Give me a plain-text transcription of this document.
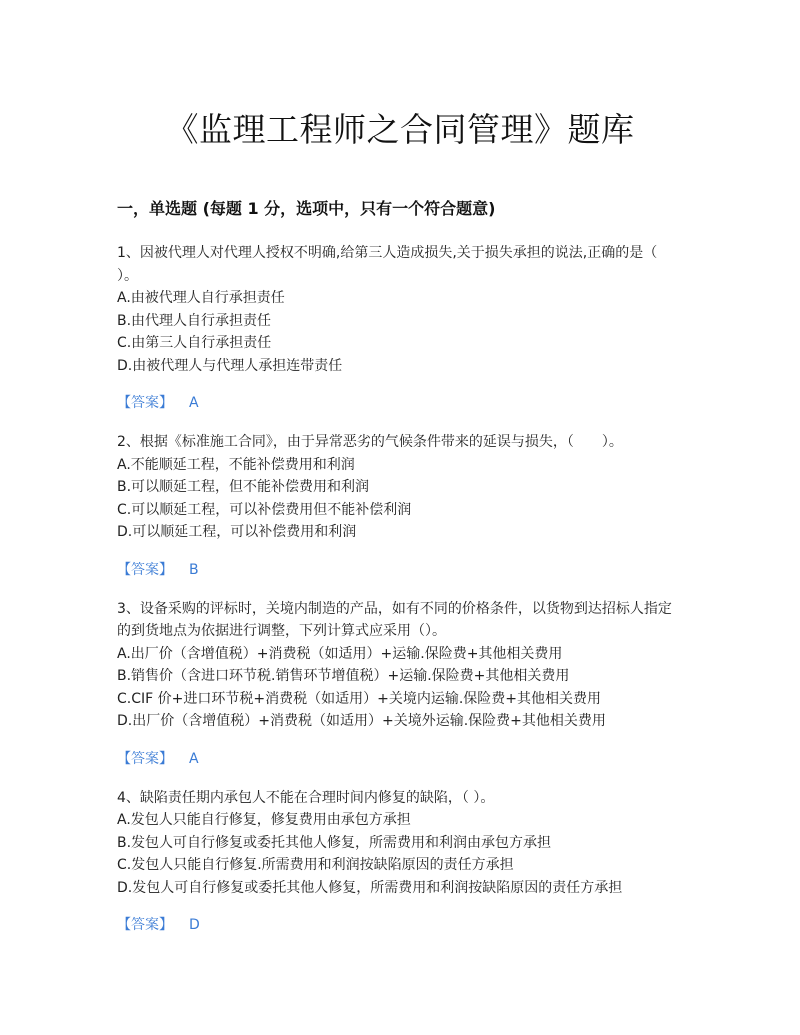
《监理工程师之合同管理》题库
一，单选题 (每题 1 分，选项中，只有一个符合题意)

1、因被代理人对代理人授权不明确,给第三人造成损失,关于损失承担的说法,正确的是（ ）。

A.由被代理人自行承担责任

B.由代理人自行承担责任

C.由第三人自行承担责任

D.由被代理人与代理人承担连带责任

【答案】 A

2、根据《标准施工合同》，由于异常恶劣的气候条件带来的延误与损失，（　　）。

A.不能顺延工程，不能补偿费用和利润

B.可以顺延工程，但不能补偿费用和利润

C.可以顺延工程，可以补偿费用但不能补偿利润

D.可以顺延工程，可以补偿费用和利润

【答案】 B

3、设备采购的评标时，关境内制造的产品，如有不同的价格条件，以货物到达招标人指定的到货地点为依据进行调整，下列计算式应采用（）。

A.出厂价（含增值税）+消费税（如适用）+运输.保险费+其他相关费用

B.销售价（含进口环节税.销售环节增值税）+运输.保险费+其他相关费用

C.CIF 价+进口环节税+消费税（如适用）+关境内运输.保险费+其他相关费用

D.出厂价（含增值税）+消费税（如适用）+关境外运输.保险费+其他相关费用

【答案】 A

4、缺陷责任期内承包人不能在合理时间内修复的缺陷，（ ）。

A.发包人只能自行修复，修复费用由承包方承担

B.发包人可自行修复或委托其他人修复，所需费用和利润由承包方承担

C.发包人只能自行修复.所需费用和利润按缺陷原因的责任方承担

D.发包人可自行修复或委托其他人修复，所需费用和利润按缺陷原因的责任方承担

【答案】 D
